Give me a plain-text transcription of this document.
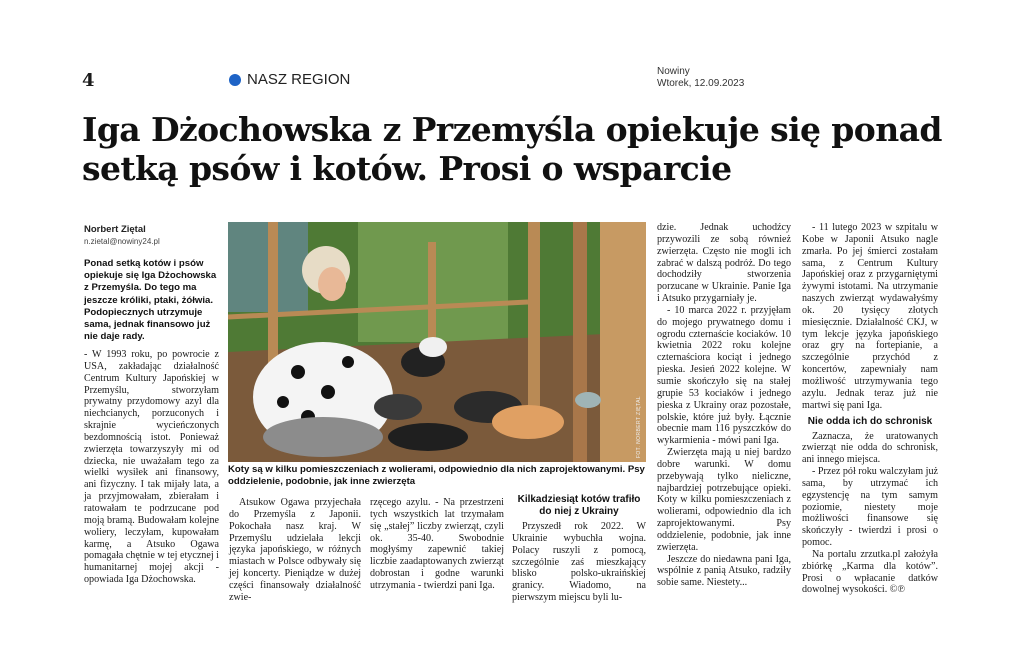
4	NASZ REGION	Nowiny
Wtorek, 12.09.2023
Iga Dżochowska z Przemyśla opiekuje się ponad setką psów i kotów. Prosi o wsparcie
Norbert Ziętal
n.zietal@nowiny24.pl
Ponad setką kotów i psów opiekuje się Iga Dżochowska z Przemyśla. Do tego ma jeszcze króliki, ptaki, żółwia. Podopiecznych utrzymuje sama, jednak finansowo już nie daje rady.

- W 1993 roku, po powrocie z USA, zakładając działalność Centrum Kultury Japońskiej w Przemyślu, stworzyłam prywatny przydomowy azyl dla niechcianych, porzuconych i skrajnie wycieńczonych bezdomnością istot. Ponieważ zwierzęta towarzyszyły mi od dziecka, nie uważałam tego za wielki wysiłek ani finansowy, ani fizyczny. I tak mijały lata, a ja przyjmowałam, zbierałam i ratowałam te podrzucane pod moją bramą. Budowałam kolejne woliery, leczyłam, kupowałam karmę, a Atsuko Ogawa pomagała chętnie w tej etycznej i humanitarnej mojej akcji - opowiada Iga Dżochowska.

FOT. NORBERT ZIĘTAL
Koty są w kilku pomieszczeniach z wolierami, odpowiednio dla nich zaprojektowanymi. Psy oddzielenie, podobnie, jak inne zwierzęta

Atsukow Ogawa przyjechała do Przemyśla z Japonii. Pokochała nasz kraj. W Przemyślu udzielała lekcji języka japońskiego, w różnych miastach w Polsce odbywały się jej koncerty. Pieniądze w dużej części finansowały działalność zwie-

rzęcego azylu. - Na przestrzeni tych wszystkich lat trzymałam się „stałej” liczby zwierząt, czyli ok. 35-40. Swobodnie mogłyśmy zapewnić takiej liczbie zaadaptowanych zwierząt dobrostan i godne warunki utrzymania - twierdzi pani Iga.

Kilkadziesiąt kotów trafiło do niej z Ukrainy

Przyszedł rok 2022. W Ukrainie wybuchła wojna. Polacy ruszyli z pomocą, szczególnie zaś mieszkający blisko polsko-ukraińskiej granicy. Wiadomo, na pierwszym miejscu byli lu-

dzie. Jednak uchodźcy przywozili ze sobą również zwierzęta. Często nie mogli ich zabrać w dalszą podróż. Do tego dochodziły stworzenia porzucane w Ukrainie. Panie Iga i Atsuko przygarniały je.

- 10 marca 2022 r. przyjęłam do mojego prywatnego domu i ogrodu czternaście kociaków. 10 kwietnia 2022 roku kolejne czternaściora kociąt i jednego pieska. Jesień 2022 kolejne. W sumie skończyło się na stałej grupie 53 kociaków i jednego pieska z Ukrainy oraz pozostałe, polskie, które już były. Łącznie obecnie mam 116 pyszczków do wykarmienia - mówi pani Iga.

Zwierzęta mają u niej bardzo dobre warunki. W domu przebywają tylko nieliczne, najbardziej potrzebujące opieki. Koty w kilku pomieszczeniach z wolierami, odpowiednio dla ich zaprojektowanymi. Psy oddzielenie, podobnie, jak inne zwierzęta.

Jeszcze do niedawna pani Iga, wspólnie z panią Atsuko, radziły sobie same. Niestety...

- 11 lutego 2023 w szpitalu w Kobe w Japonii Atsuko nagle zmarła. Po jej śmierci zostałam sama, z Centrum Kultury Japońskiej oraz z przygarniętymi żywymi istotami. Na utrzymanie naszych zwierząt wydawałyśmy ok. 20 tysięcy złotych miesięcznie. Działalność CKJ, w tym lekcje języka japońskiego oraz gry na fortepianie, a szczególnie przychód z koncertów, zapewniały nam możliwość utrzymywania tego azylu. Jednak teraz już nie martwi się pani Iga.

Nie odda ich do schronisk

Zaznacza, że uratowanych zwierząt nie odda do schronisk, ani innego miejsca.

- Przez pół roku walczyłam już sama, by utrzymać ich egzystencję na tym samym poziomie, niestety moje możliwości finansowe się skończyły - twierdzi i prosi o pomoc.

Na portalu zrzutka.pl założyła zbiórkę „Karma dla kotów”. Prosi o wpłacanie datków dowolnej wysokości. ©℗
